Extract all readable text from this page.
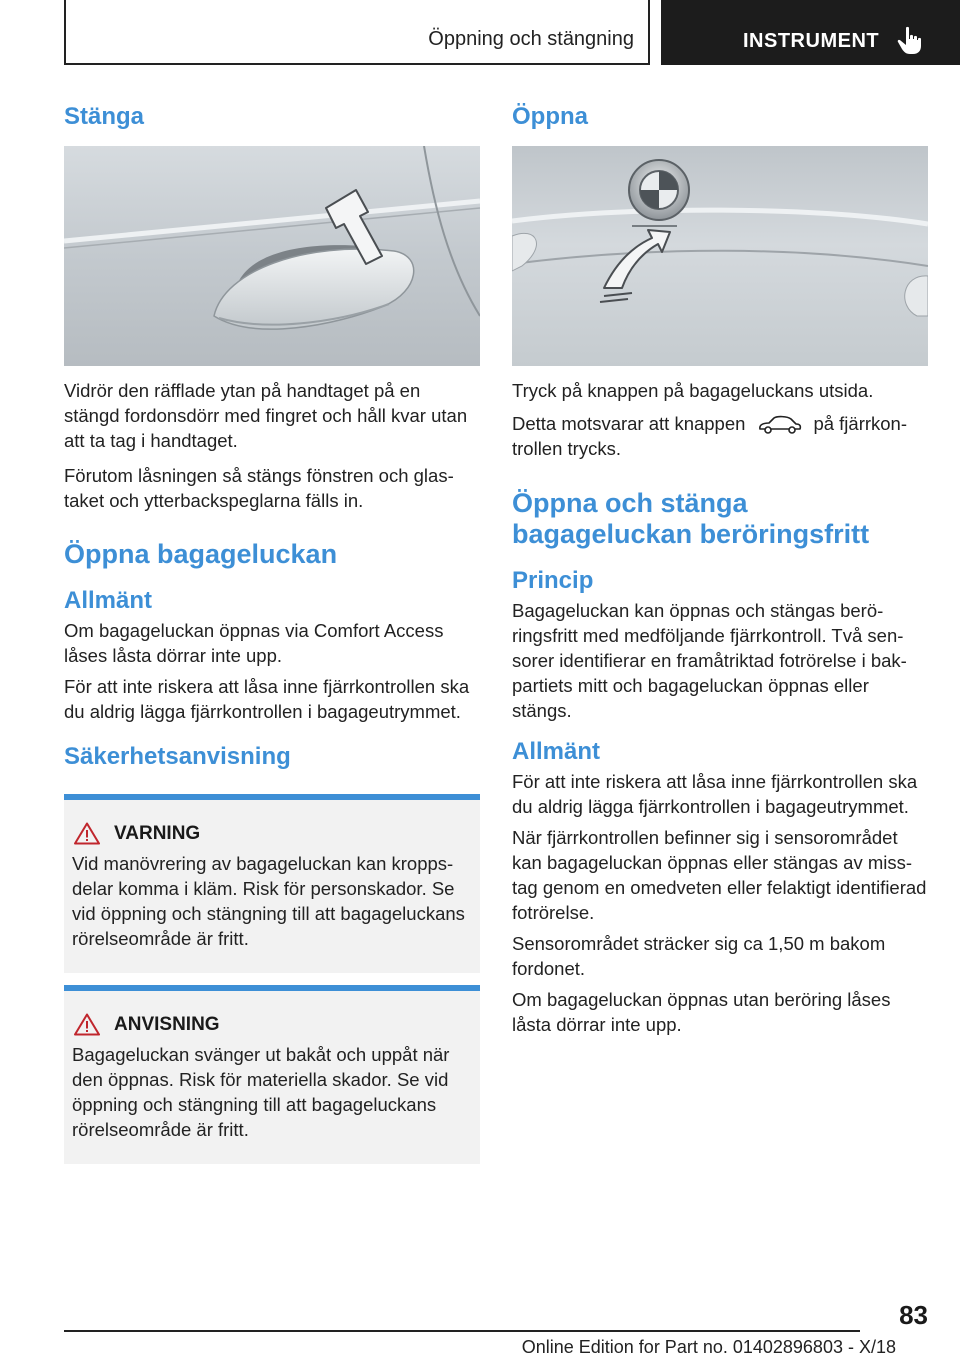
Öppning och stängning	INSTRUMENT
Stänga

Vidrör den räfflade ytan på handtaget på en stängd fordonsdörr med fingret och håll kvar utan att ta tag i handtaget.

Förutom låsningen så stängs fönstren och glastaket och ytterbackspeglarna fälls in.

Öppna bagageluckan
Allmänt

Om bagageluckan öppnas via Comfort Access låses låsta dörrar inte upp.

För att inte riskera att låsa inne fjärrkontrollen ska du aldrig lägga fjärrkontrollen i bagageutrymmet.

Säkerhetsanvisning
VARNING

Vid manövrering av bagageluckan kan kroppsdelar komma i kläm. Risk för personskador. Se vid öppning och stängning till att bagageluckans rörelseområde är fritt.

ANVISNING

Bagageluckan svänger ut bakåt och uppåt när den öppnas. Risk för materiella skador. Se vid öppning och stängning till att bagageluckans rörelseområde är fritt.

Öppna

Tryck på knappen på bagageluckans utsida.

Detta motsvarar att knappen	på fjärrkontrollen trycks.

Öppna och stänga bagageluckan beröringsfritt
Princip

Bagageluckan kan öppnas och stängas beröringsfritt med medföljande fjärrkontroll. Två sensorer identifierar en framåtriktad fotrörelse i bakpartiets mitt och bagageluckan öppnas eller stängs.

Allmänt

För att inte riskera att låsa inne fjärrkontrollen ska du aldrig lägga fjärrkontrollen i bagageutrymmet.

När fjärrkontrollen befinner sig i sensorområdet kan bagageluckan öppnas eller stängas av misstag genom en omedveten eller felaktigt identifierad fotrörelse.

Sensorområdet sträcker sig ca 1,50 m bakom fordonet.

Om bagageluckan öppnas utan beröring låses låsta dörrar inte upp.

83
Online Edition for Part no. 01402896803 - X/18
